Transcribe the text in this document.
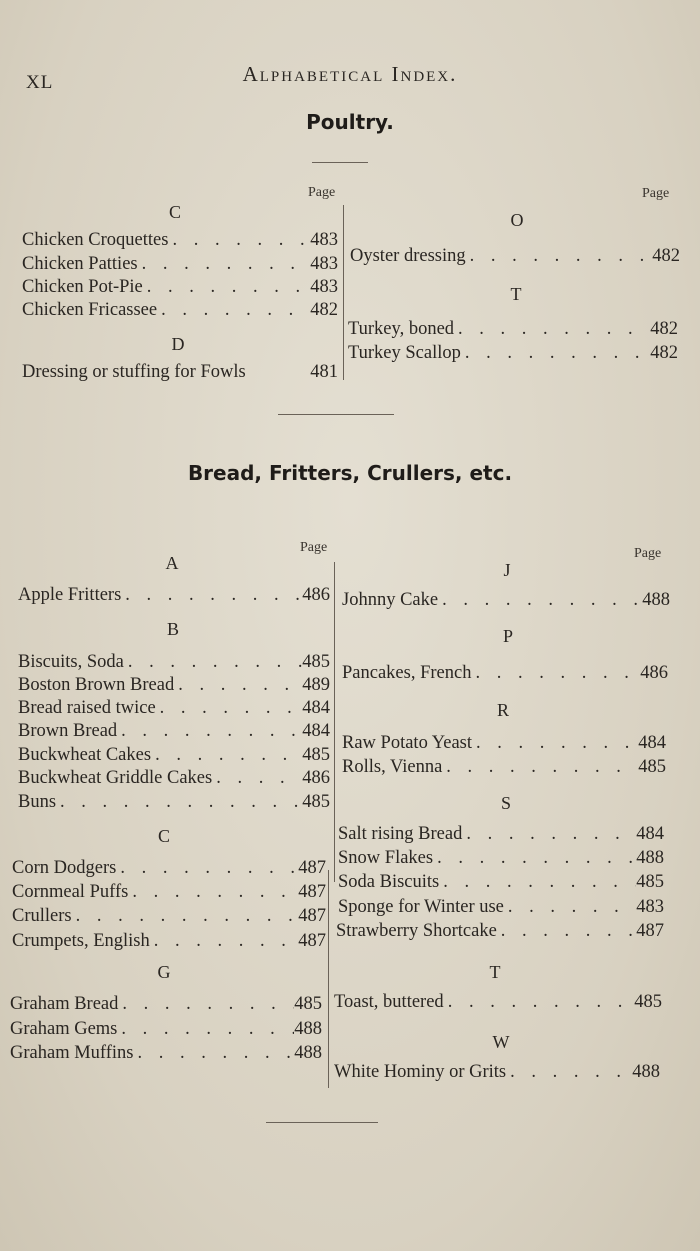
XL	Alphabetical Index.
Poultry.
Page	Page
C
Chicken Croquettes . . .	483
Chicken Patties . . .	483
Chicken Pot-Pie . . .	483
Chicken Fricassee . . .	482
D
Dressing or stuffing for Fowls	481
O
Oyster dressing . . .	482
T
Turkey, boned . . .	482
Turkey Scallop . . .	482
Bread, Fritters, Crullers, etc.
Page	Page
A
Apple Fritters . . .	486
B
Biscuits, Soda . . .	485
Boston Brown Bread . . .	489
Bread raised twice . . .	484
Brown Bread . . .	484
Buckwheat Cakes . . .	485
Buckwheat Griddle Cakes . . .	486
Buns . . .	485
C
Corn Dodgers . . .	487
Cornmeal Puffs . . .	487
Crullers . . .	487
Crumpets, English . . .	487
G
Graham Bread . . .	485
Graham Gems . . .	488
Graham Muffins . . .	488
J
Johnny Cake . . .	488
P
Pancakes, French . . .	486
R
Raw Potato Yeast . . .	484
Rolls, Vienna . . .	485
S
Salt rising Bread . . .	484
Snow Flakes . . .	488
Soda Biscuits . . .	485
Sponge for Winter use . . .	483
Strawberry Shortcake . . .	487
T
Toast, buttered . . .	485
W
White Hominy or Grits . . .	488
